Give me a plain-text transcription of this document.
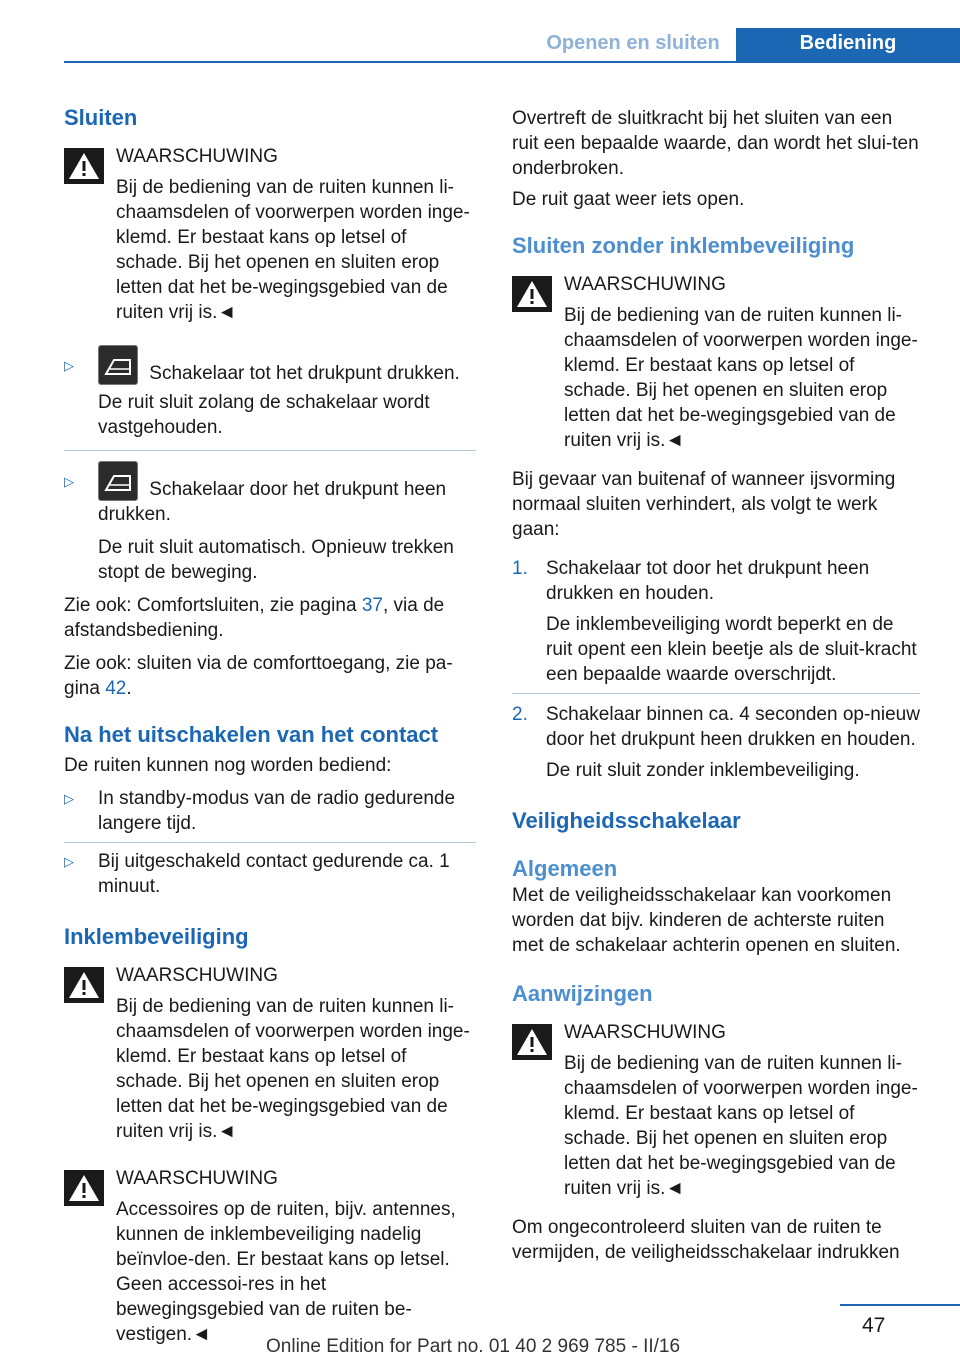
Openen en sluiten	Bediening
Sluiten
WAARSCHUWING

Bij de bediening van de ruiten kunnen li-chaamsdelen of voorwerpen worden inge-klemd. Er bestaat kans op letsel of schade. Bij het openen en sluiten erop letten dat het be-wegingsgebied van de ruiten vrij is.◄

▷	Schakelaar tot het drukpunt drukken.

De ruit sluit zolang de schakelaar wordt vastgehouden.

▷	Schakelaar door het drukpunt heen drukken.

De ruit sluit automatisch. Opnieuw trekken stopt de beweging.

Zie ook: Comfortsluiten, zie pagina 37, via de afstandsbediening.

Zie ook: sluiten via de comforttoegang, zie pa-gina 42.

Na het uitschakelen van het contact

De ruiten kunnen nog worden bediend:

▷ In standby-modus van de radio gedurende langere tijd.

▷ Bij uitgeschakeld contact gedurende ca. 1 minuut.

Inklembeveiliging
WAARSCHUWING

Bij de bediening van de ruiten kunnen li-chaamsdelen of voorwerpen worden inge-klemd. Er bestaat kans op letsel of schade. Bij het openen en sluiten erop letten dat het be-wegingsgebied van de ruiten vrij is.◄

WAARSCHUWING

Accessoires op de ruiten, bijv. antennes, kunnen de inklembeveiliging nadelig beïnvloe-den. Er bestaat kans op letsel. Geen accessoi-res in het bewegingsgebied van de ruiten be-vestigen.◄

Overtreft de sluitkracht bij het sluiten van een ruit een bepaalde waarde, dan wordt het slui-ten onderbroken.

De ruit gaat weer iets open.

Sluiten zonder inklembeveiliging
WAARSCHUWING

Bij de bediening van de ruiten kunnen li-chaamsdelen of voorwerpen worden inge-klemd. Er bestaat kans op letsel of schade. Bij het openen en sluiten erop letten dat het be-wegingsgebied van de ruiten vrij is.◄

Bij gevaar van buitenaf of wanneer ijsvorming normaal sluiten verhindert, als volgt te werk gaan:

1. Schakelaar tot door het drukpunt heen drukken en houden.

De inklembeveiliging wordt beperkt en de ruit opent een klein beetje als de sluit-kracht een bepaalde waarde overschrijdt.

2. Schakelaar binnen ca. 4 seconden op-nieuw door het drukpunt heen drukken en houden.

De ruit sluit zonder inklembeveiliging.

Veiligheidsschakelaar
Algemeen

Met de veiligheidsschakelaar kan voorkomen worden dat bijv. kinderen de achterste ruiten met de schakelaar achterin openen en sluiten.

Aanwijzingen
WAARSCHUWING

Bij de bediening van de ruiten kunnen li-chaamsdelen of voorwerpen worden inge-klemd. Er bestaat kans op letsel of schade. Bij het openen en sluiten erop letten dat het be-wegingsgebied van de ruiten vrij is.◄

Om ongecontroleerd sluiten van de ruiten te vermijden, de veiligheidsschakelaar indrukken

47
Online Edition for Part no. 01 40 2 969 785 - II/16
